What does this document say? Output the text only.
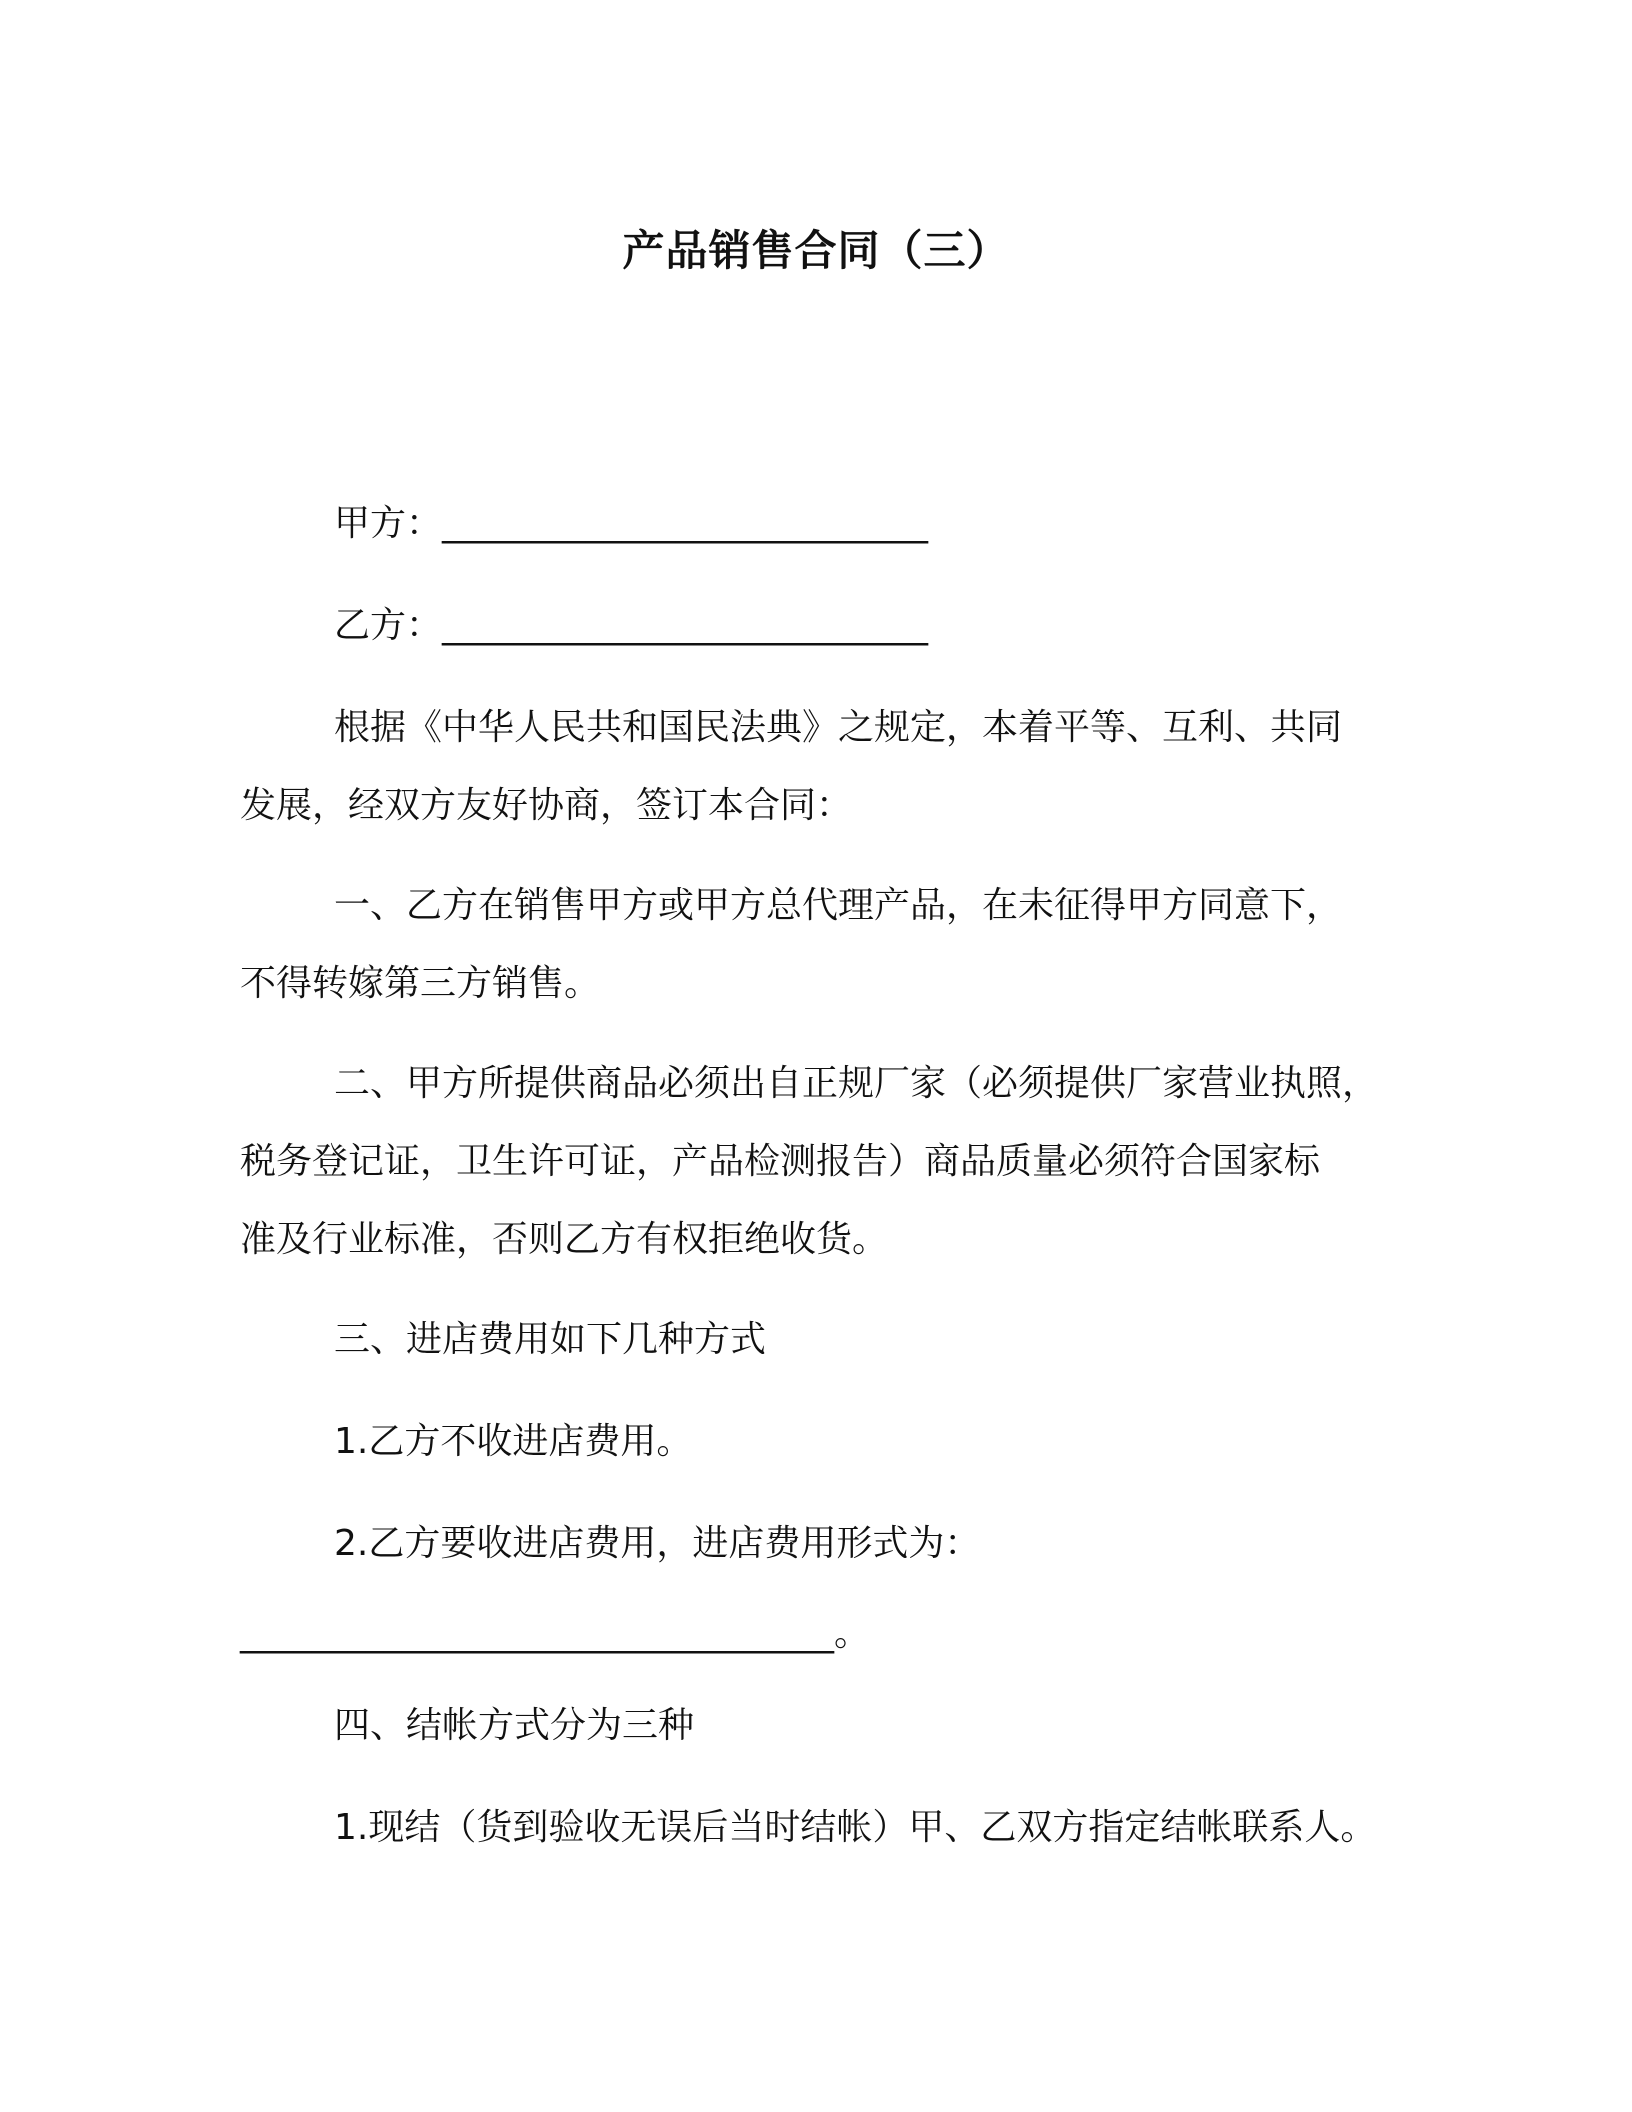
产品销售合同（三）
甲方：___________________________
乙方：___________________________
根据《中华人民共和国民法典》之规定，本着平等、互利、共同
发展，经双方友好协商，签订本合同：
一、乙方在销售甲方或甲方总代理产品，在未征得甲方同意下，
不得转嫁第三方销售。
二、甲方所提供商品必须出自正规厂家（必须提供厂家营业执照，
税务登记证，卫生许可证，产品检测报告）商品质量必须符合国家标
准及行业标准，否则乙方有权拒绝收货。
三、进店费用如下几种方式
1.乙方不收进店费用。
2.乙方要收进店费用，进店费用形式为：
_________________________________。
四、结帐方式分为三种
1.现结（货到验收无误后当时结帐）甲、乙双方指定结帐联系人。
